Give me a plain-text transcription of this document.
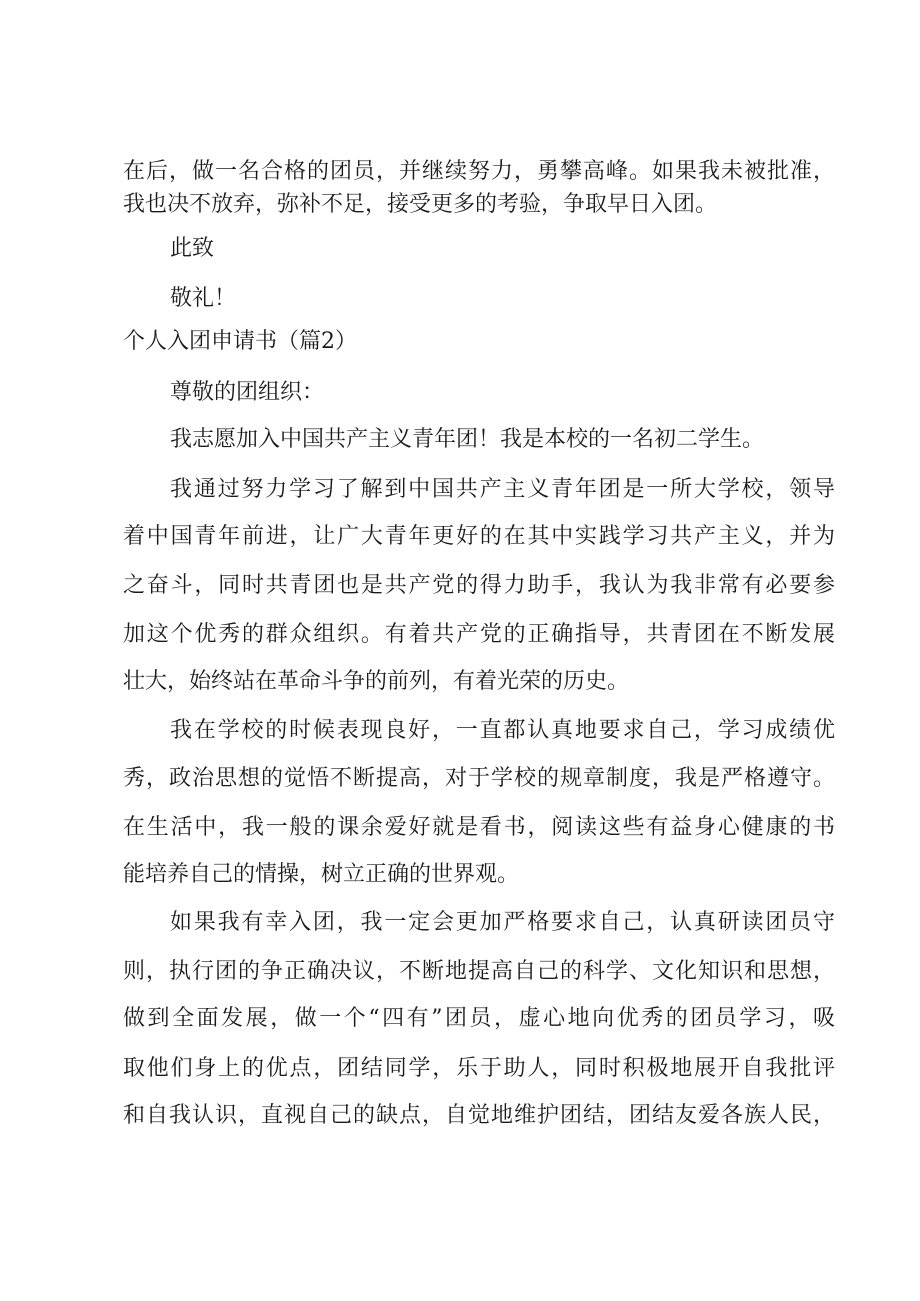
在后，做一名合格的团员，并继续努力，勇攀高峰。如果我未被批准，

我也决不放弃，弥补不足，接受更多的考验，争取早日入团。

此致

敬礼！

个人入团申请书（篇2）

尊敬的团组织：

我志愿加入中国共产主义青年团！我是本校的一名初二学生。

我通过努力学习了解到中国共产主义青年团是一所大学校，领导

着中国青年前进，让广大青年更好的在其中实践学习共产主义，并为

之奋斗，同时共青团也是共产党的得力助手，我认为我非常有必要参

加这个优秀的群众组织。有着共产党的正确指导，共青团在不断发展

壮大，始终站在革命斗争的前列，有着光荣的历史。

我在学校的时候表现良好，一直都认真地要求自己，学习成绩优

秀，政治思想的觉悟不断提高，对于学校的规章制度，我是严格遵守。

在生活中，我一般的课余爱好就是看书，阅读这些有益身心健康的书

能培养自己的情操，树立正确的世界观。

如果我有幸入团，我一定会更加严格要求自己，认真研读团员守

则，执行团的争正确决议，不断地提高自己的科学、文化知识和思想，

做到全面发展，做一个“四有”团员，虚心地向优秀的团员学习，吸

取他们身上的优点，团结同学，乐于助人，同时积极地展开自我批评

和自我认识，直视自己的缺点，自觉地维护团结，团结友爱各族人民，
